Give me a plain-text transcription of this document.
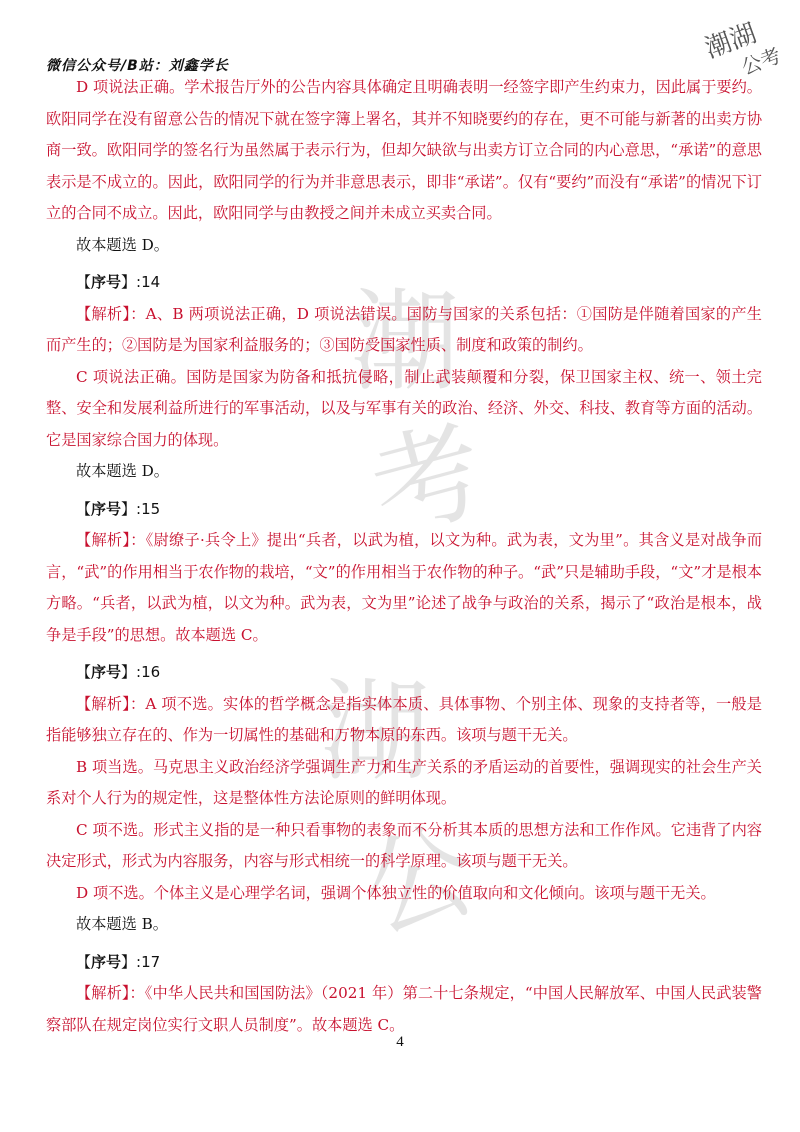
微信公众号/B站：刘鑫学长
潮湖
公考
潮
考
湖
公

D 项说法正确。学术报告厅外的公告内容具体确定且明确表明一经签字即产生约束力，因此属于要约。欧阳同学在没有留意公告的情况下就在签字簿上署名，其并不知晓要约的存在，更不可能与新著的出卖方协商一致。欧阳同学的签名行为虽然属于表示行为，但却欠缺欲与出卖方订立合同的内心意思，“承诺”的意思表示是不成立的。因此，欧阳同学的行为并非意思表示，即非“承诺”。仅有“要约”而没有“承诺”的情况下订立的合同不成立。因此，欧阳同学与由教授之间并未成立买卖合同。

故本题选 D。

【序号】:14

【解析】：A、B 两项说法正确，D 项说法错误。国防与国家的关系包括：①国防是伴随着国家的产生而产生的；②国防是为国家利益服务的；③国防受国家性质、制度和政策的制约。

C 项说法正确。国防是国家为防备和抵抗侵略，制止武装颠覆和分裂，保卫国家主权、统一、领土完整、安全和发展利益所进行的军事活动，以及与军事有关的政治、经济、外交、科技、教育等方面的活动。它是国家综合国力的体现。

故本题选 D。

【序号】:15

【解析】：《尉缭子·兵令上》提出“兵者，以武为植，以文为种。武为表，文为里”。其含义是对战争而言，“武”的作用相当于农作物的栽培，“文”的作用相当于农作物的种子。“武”只是辅助手段，“文”才是根本方略。“兵者，以武为植，以文为种。武为表，文为里”论述了战争与政治的关系，揭示了“政治是根本，战争是手段”的思想。故本题选 C。

【序号】:16

【解析】：A 项不选。实体的哲学概念是指实体本质、具体事物、个别主体、现象的支持者等，一般是指能够独立存在的、作为一切属性的基础和万物本原的东西。该项与题干无关。

B 项当选。马克思主义政治经济学强调生产力和生产关系的矛盾运动的首要性，强调现实的社会生产关系对个人行为的规定性，这是整体性方法论原则的鲜明体现。

C 项不选。形式主义指的是一种只看事物的表象而不分析其本质的思想方法和工作作风。它违背了内容决定形式，形式为内容服务，内容与形式相统一的科学原理。该项与题干无关。

D 项不选。个体主义是心理学名词，强调个体独立性的价值取向和文化倾向。该项与题干无关。

故本题选 B。

【序号】:17

【解析】：《中华人民共和国国防法》（2021 年）第二十七条规定，“中国人民解放军、中国人民武装警察部队在规定岗位实行文职人员制度”。故本题选 C。

4
